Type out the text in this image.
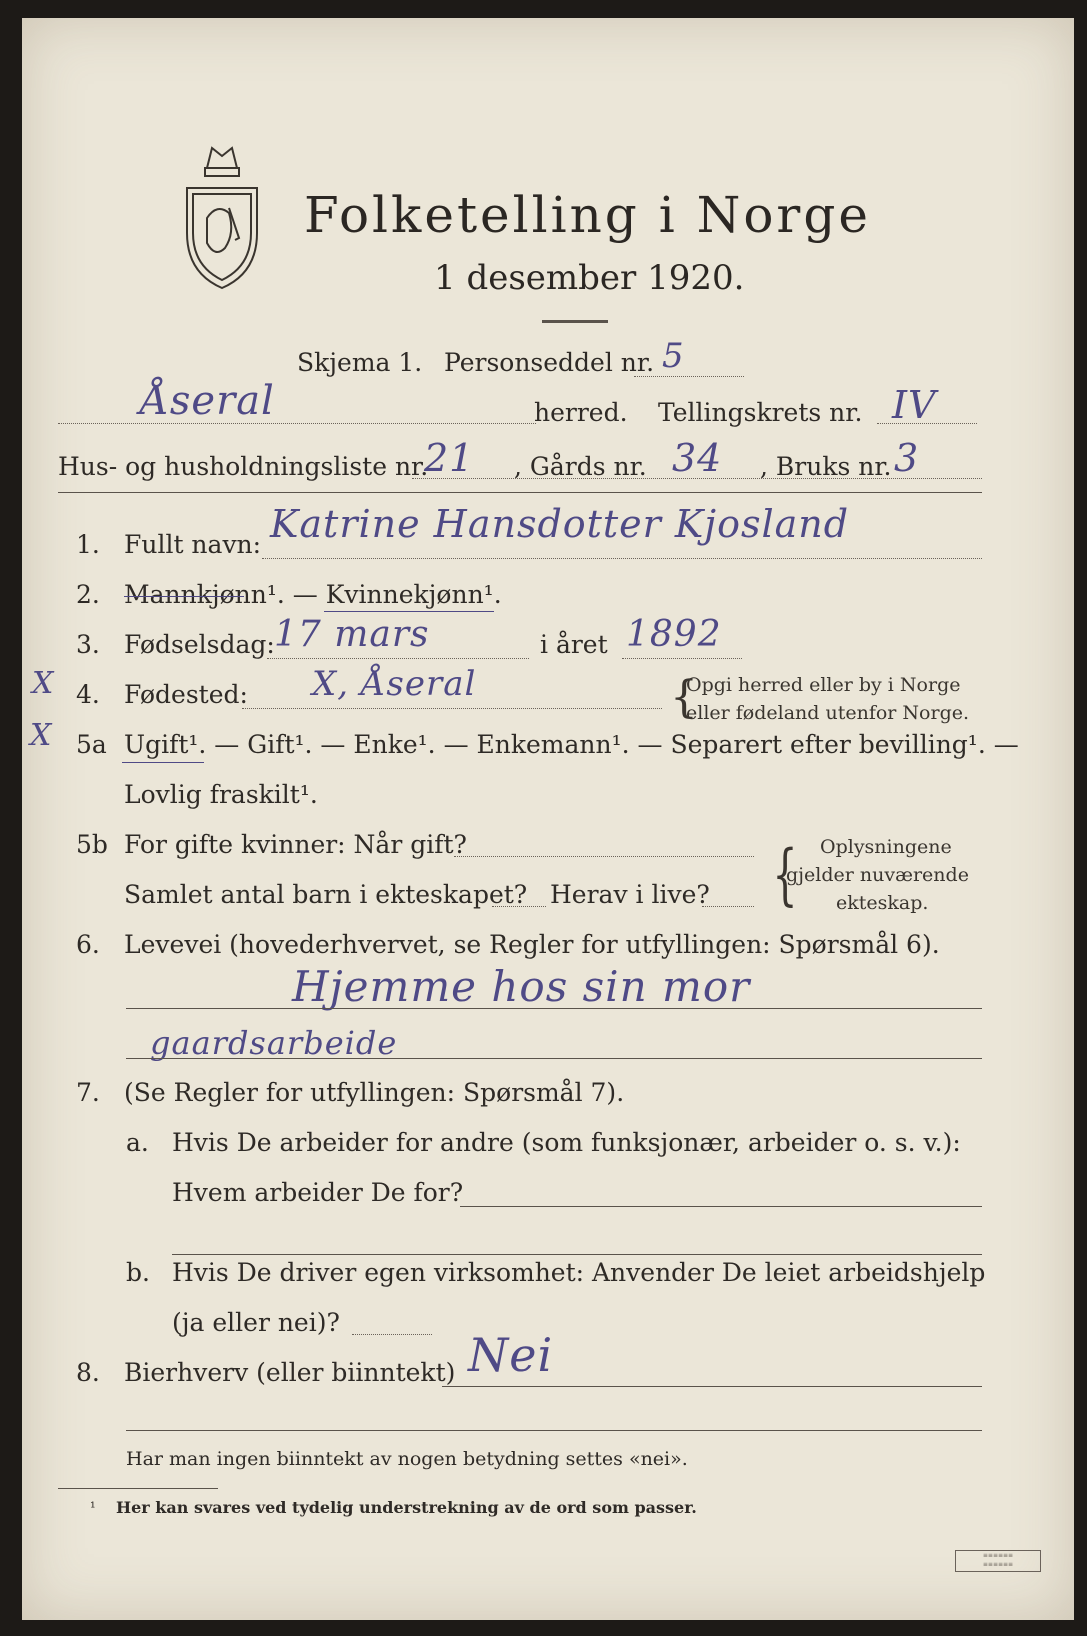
Folketelling i Norge
1 desember 1920.
Skjema 1. Personseddel nr. 5
Åseral	herred. Tellingskrets nr. IV
Hus- og husholdningsliste nr.
21 , Gårds nr. 34 , Bruks nr. 3
1. Fullt navn: Katrine Hansdotter Kjosland
2. Mannkjønn¹. — Kvinnekjønn¹.
3. Fødselsdag: 17 mars	i året 1892
X 4. Fødested: X, Åseral	{
Opgi herred eller by i Norge
eller fødeland utenfor Norge.
X 5a Ugift¹. — Gift¹. — Enke¹. — Enkemann¹. — Separert efter bevilling¹. —
Lovlig fraskilt¹.
5b For gifte kvinner: Når gift?
Samlet antal barn i ekteskapet? Herav i live? { Oplysningene
gjelder nuværende
ekteskap.
6. Levevei (hovederhvervet, se Regler for utfyllingen: Spørsmål 6).
Hjemme hos sin mor
gaardsarbeide
7. (Se Regler for utfyllingen: Spørsmål 7).
a. Hvis De arbeider for andre (som funksjonær, arbeider o. s. v.):
Hvem arbeider De for?
b. Hvis De driver egen virksomhet: Anvender De leiet arbeidshjelp
(ja eller nei)?
8. Bierhverv (eller biinntekt) Nei
Har man ingen biinntekt av nogen betydning settes «nei».
¹ Her kan svares ved tydelig understrekning av de ord som passer.
≡≡≡≡≡≡
≡≡≡≡≡≡
